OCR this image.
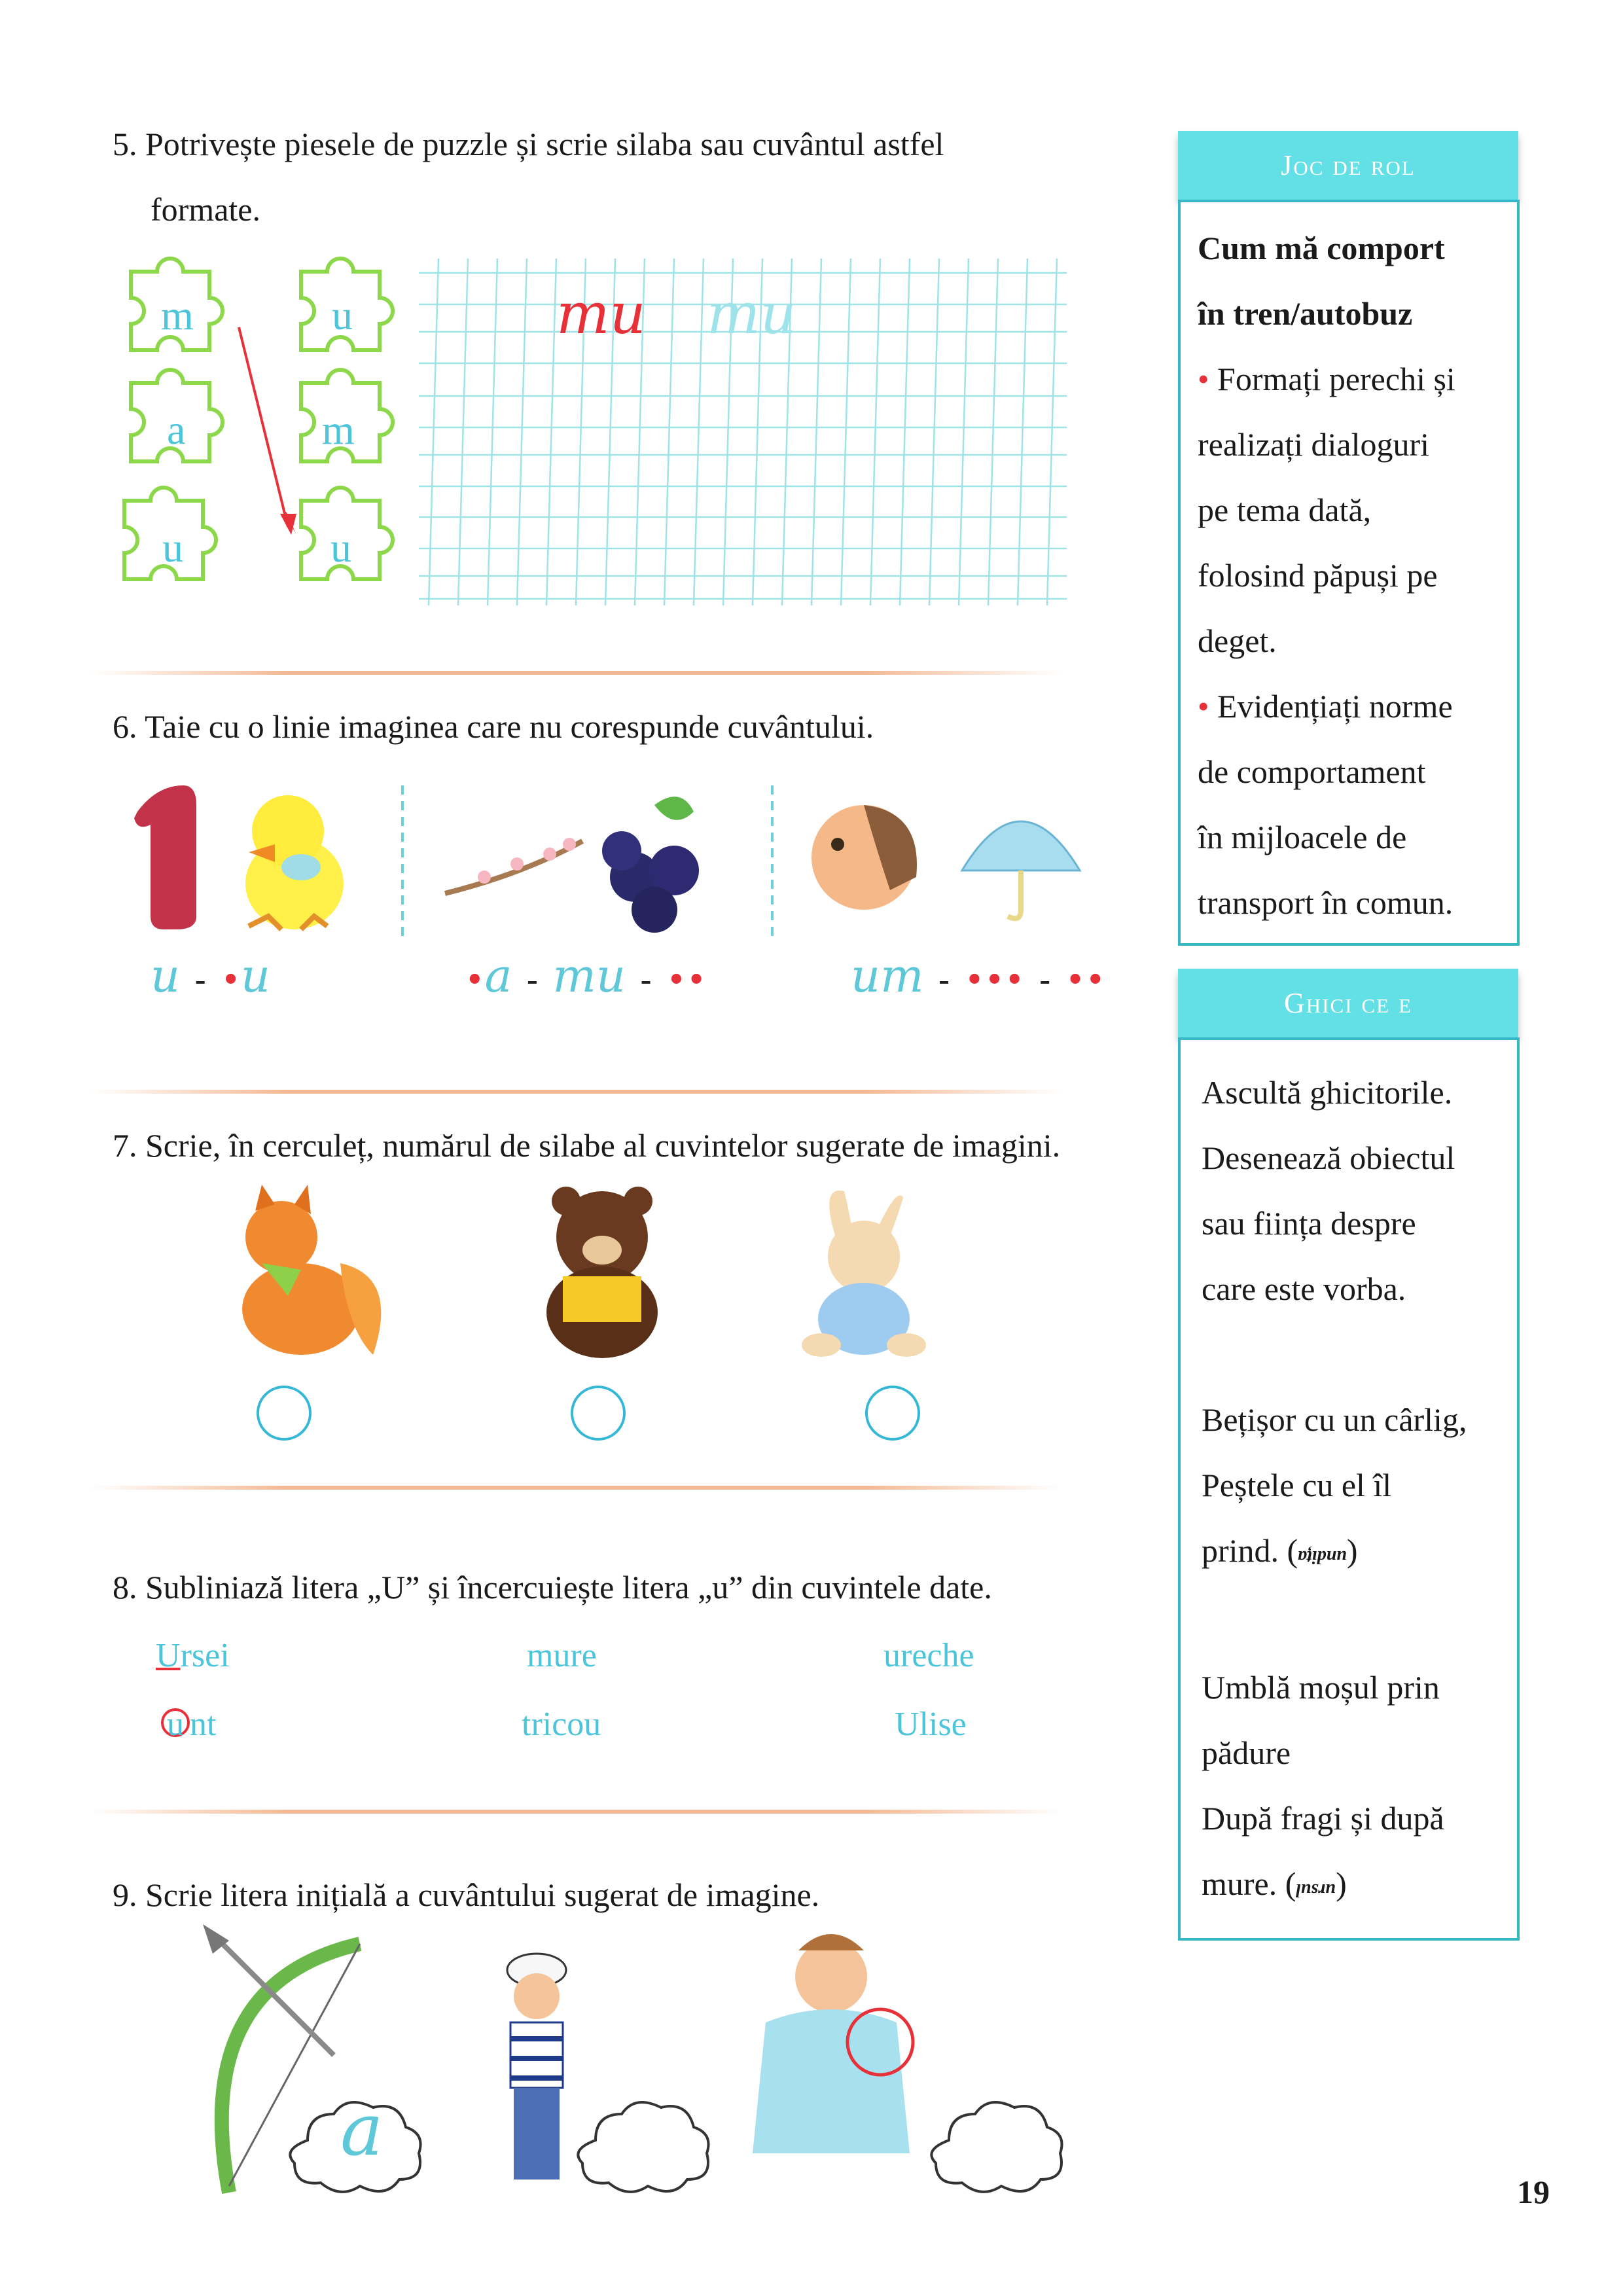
5. Potrivește piesele de puzzle și scrie silaba sau cuvântul astfel
formate.
m
a
u
u
m
u
mu mu
6. Taie cu o linie imaginea care nu corespunde cuvântului.
u - •u	•a - mu - ••	um - ••• - ••
7. Scrie, în cerculeț, numărul de silabe al cuvintelor sugerate de imagini.
8. Subliniază litera „U” și încercuiește litera „u” din cuvintele date.
Ursei	mure	ureche
u nt	tricou	Ulise
9. Scrie litera inițială a cuvântului sugerat de imagine.
a
Joc de rol
Cum mă comport
în tren/autobuz
• Formați perechi și
realizați dialoguri
pe tema dată,
folosind păpuși pe
deget.
• Evidențiați norme
de comportament
în mijloacele de
transport în comun.
Ghici ce e
Ascultă ghicitorile.
Desenează obiectul
sau ființa despre
care este vorba.
Bețișor cu un cârlig,
Peștele cu el îl
prind. (undița)
Umblă moșul prin
pădure
După fragi și după
mure. (ursul)
19
